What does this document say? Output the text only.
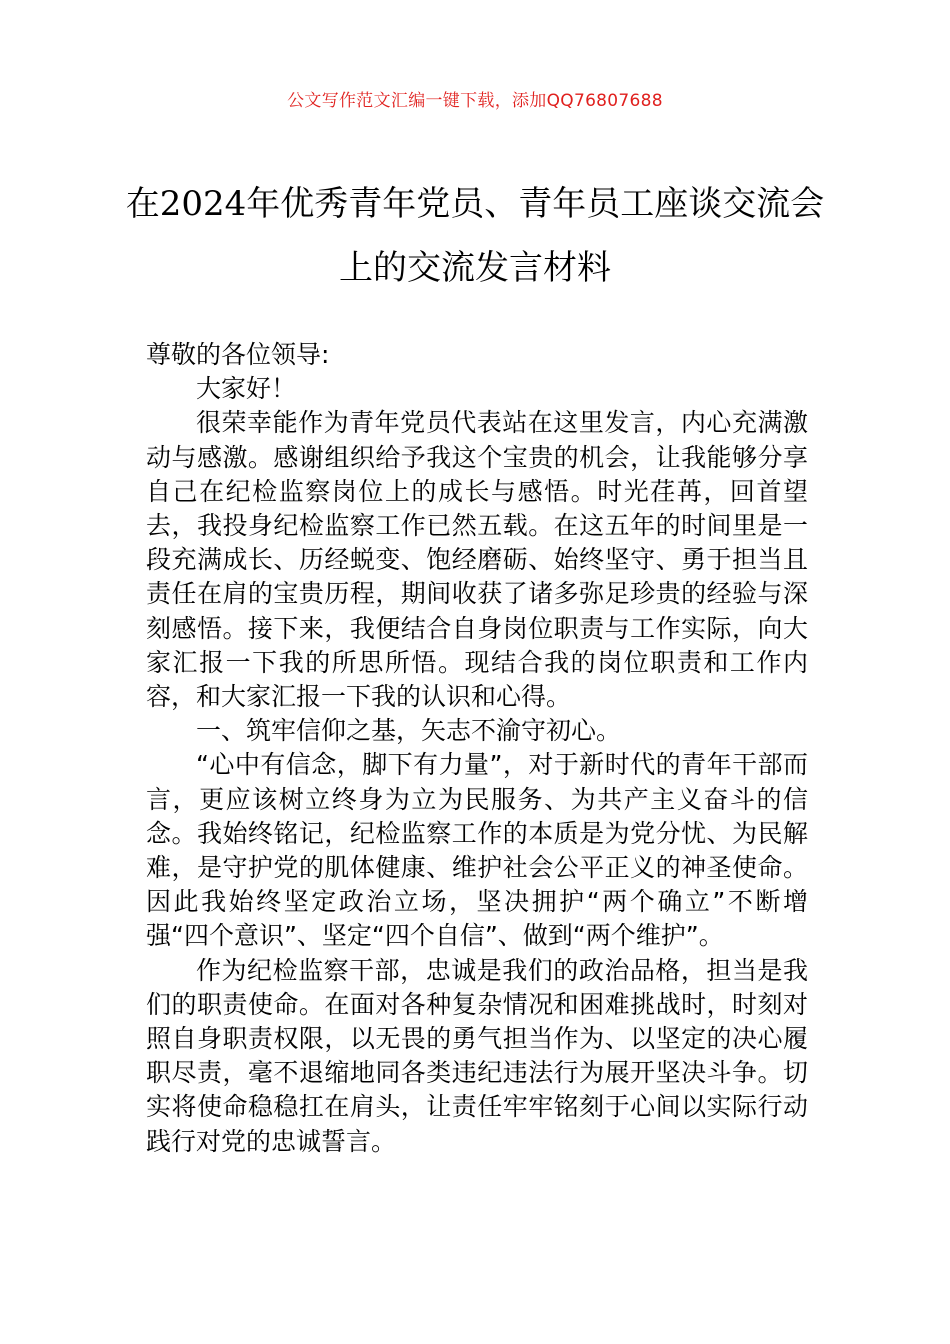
公文写作范文汇编一键下载，添加QQ76807688
在2024年优秀青年党员、青年员工座谈交流会上的交流发言材料

尊敬的各位领导:

大家好！

很荣幸能作为青年党员代表站在这里发言，内心充满激动与感激。感谢组织给予我这个宝贵的机会，让我能够分享自己在纪检监察岗位上的成长与感悟。时光荏苒，回首望去，我投身纪检监察工作已然五载。在这五年的时间里是一段充满成长、历经蜕变、饱经磨砺、始终坚守、勇于担当且责任在肩的宝贵历程，期间收获了诸多弥足珍贵的经验与深刻感悟。接下来，我便结合自身岗位职责与工作实际，向大家汇报一下我的所思所悟。现结合我的岗位职责和工作内容，和大家汇报一下我的认识和心得。

一、筑牢信仰之基，矢志不渝守初心。

“心中有信念，脚下有力量”，对于新时代的青年干部而言，更应该树立终身为立为民服务、为共产主义奋斗的信念。我始终铭记，纪检监察工作的本质是为党分忧、为民解难，是守护党的肌体健康、维护社会公平正义的神圣使命。因此我始终坚定政治立场，坚决拥护“两个确立”不断增强“四个意识”、坚定“四个自信”、做到“两个维护”。

作为纪检监察干部，忠诚是我们的政治品格，担当是我们的职责使命。在面对各种复杂情况和困难挑战时，时刻对照自身职责权限，以无畏的勇气担当作为、以坚定的决心履职尽责，毫不退缩地同各类违纪违法行为展开坚决斗争。切实将使命稳稳扛在肩头，让责任牢牢铭刻于心间以实际行动践行对党的忠诚誓言。
